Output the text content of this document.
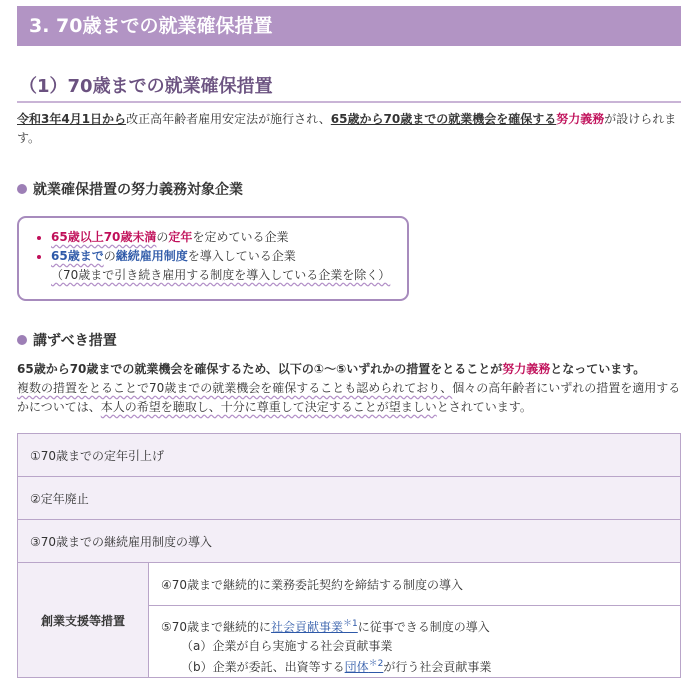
3. 70歳までの就業確保措置
（1）70歳までの就業確保措置
令和3年4月1日から改正高年齢者雇用安定法が施行され、65歳から70歳までの就業機会を確保する努力義務が設けられます。
就業確保措置の努力義務対象企業
• 65歳以上70歳未満の定年を定めている企業
• 65歳までの継続雇用制度を導入している企業
（70歳まで引き続き雇用する制度を導入している企業を除く）
講ずべき措置
65歳から70歳までの就業機会を確保するため、以下の①～⑤いずれかの措置をとることが努力義務となっています。
複数の措置をとることで70歳までの就業機会を確保することも認められており、個々の高年齢者にいずれの措置を適用するかについては、本人の希望を聴取し、十分に尊重して決定することが望ましいとされています。
①70歳までの定年引上げ
②定年廃止
③70歳までの継続雇用制度の導入
創業支援等措置	④70歳まで継続的に業務委託契約を締結する制度の導入

⑤70歳まで継続的に社会貢献事業$^{*1}$に従事できる制度の導入
（a）企業が自ら実施する社会貢献事業
（b）企業が委託、出資等する団体$^{*2}$が行う社会貢献事業
